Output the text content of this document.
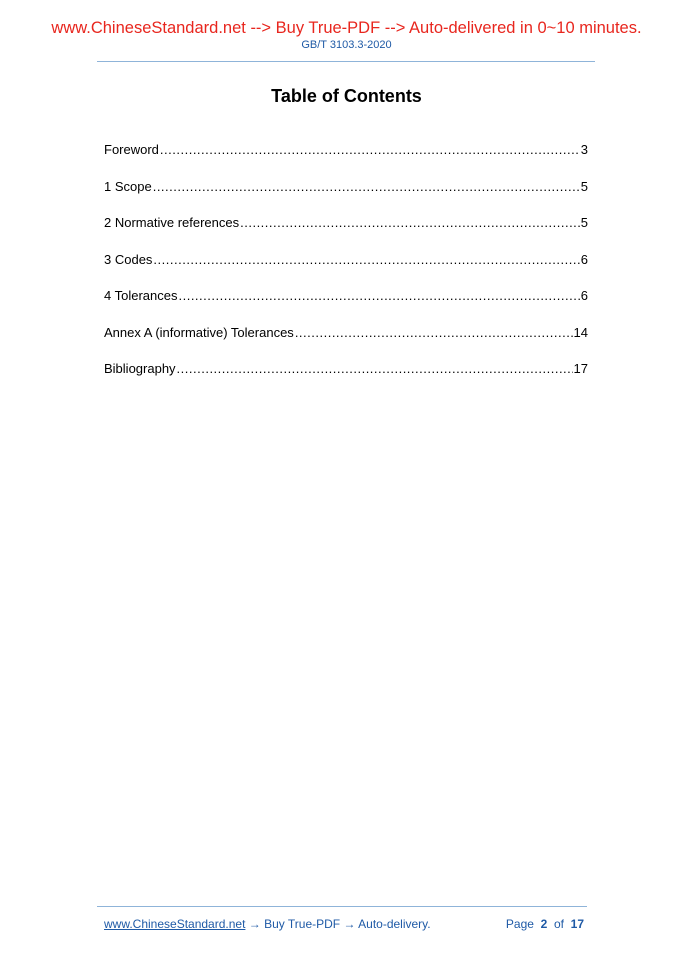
www.ChineseStandard.net --> Buy True-PDF --> Auto-delivered in 0~10 minutes.
GB/T 3103.3-2020
Table of Contents
Foreword .....	3
1 Scope .....	5
2 Normative references .....	5
3 Codes .....	6
4 Tolerances .....	6
Annex A (informative) Tolerances .....	14
Bibliography .....	17
www.ChineseStandard.net → Buy True-PDF → Auto-delivery.	Page 2 of 17
